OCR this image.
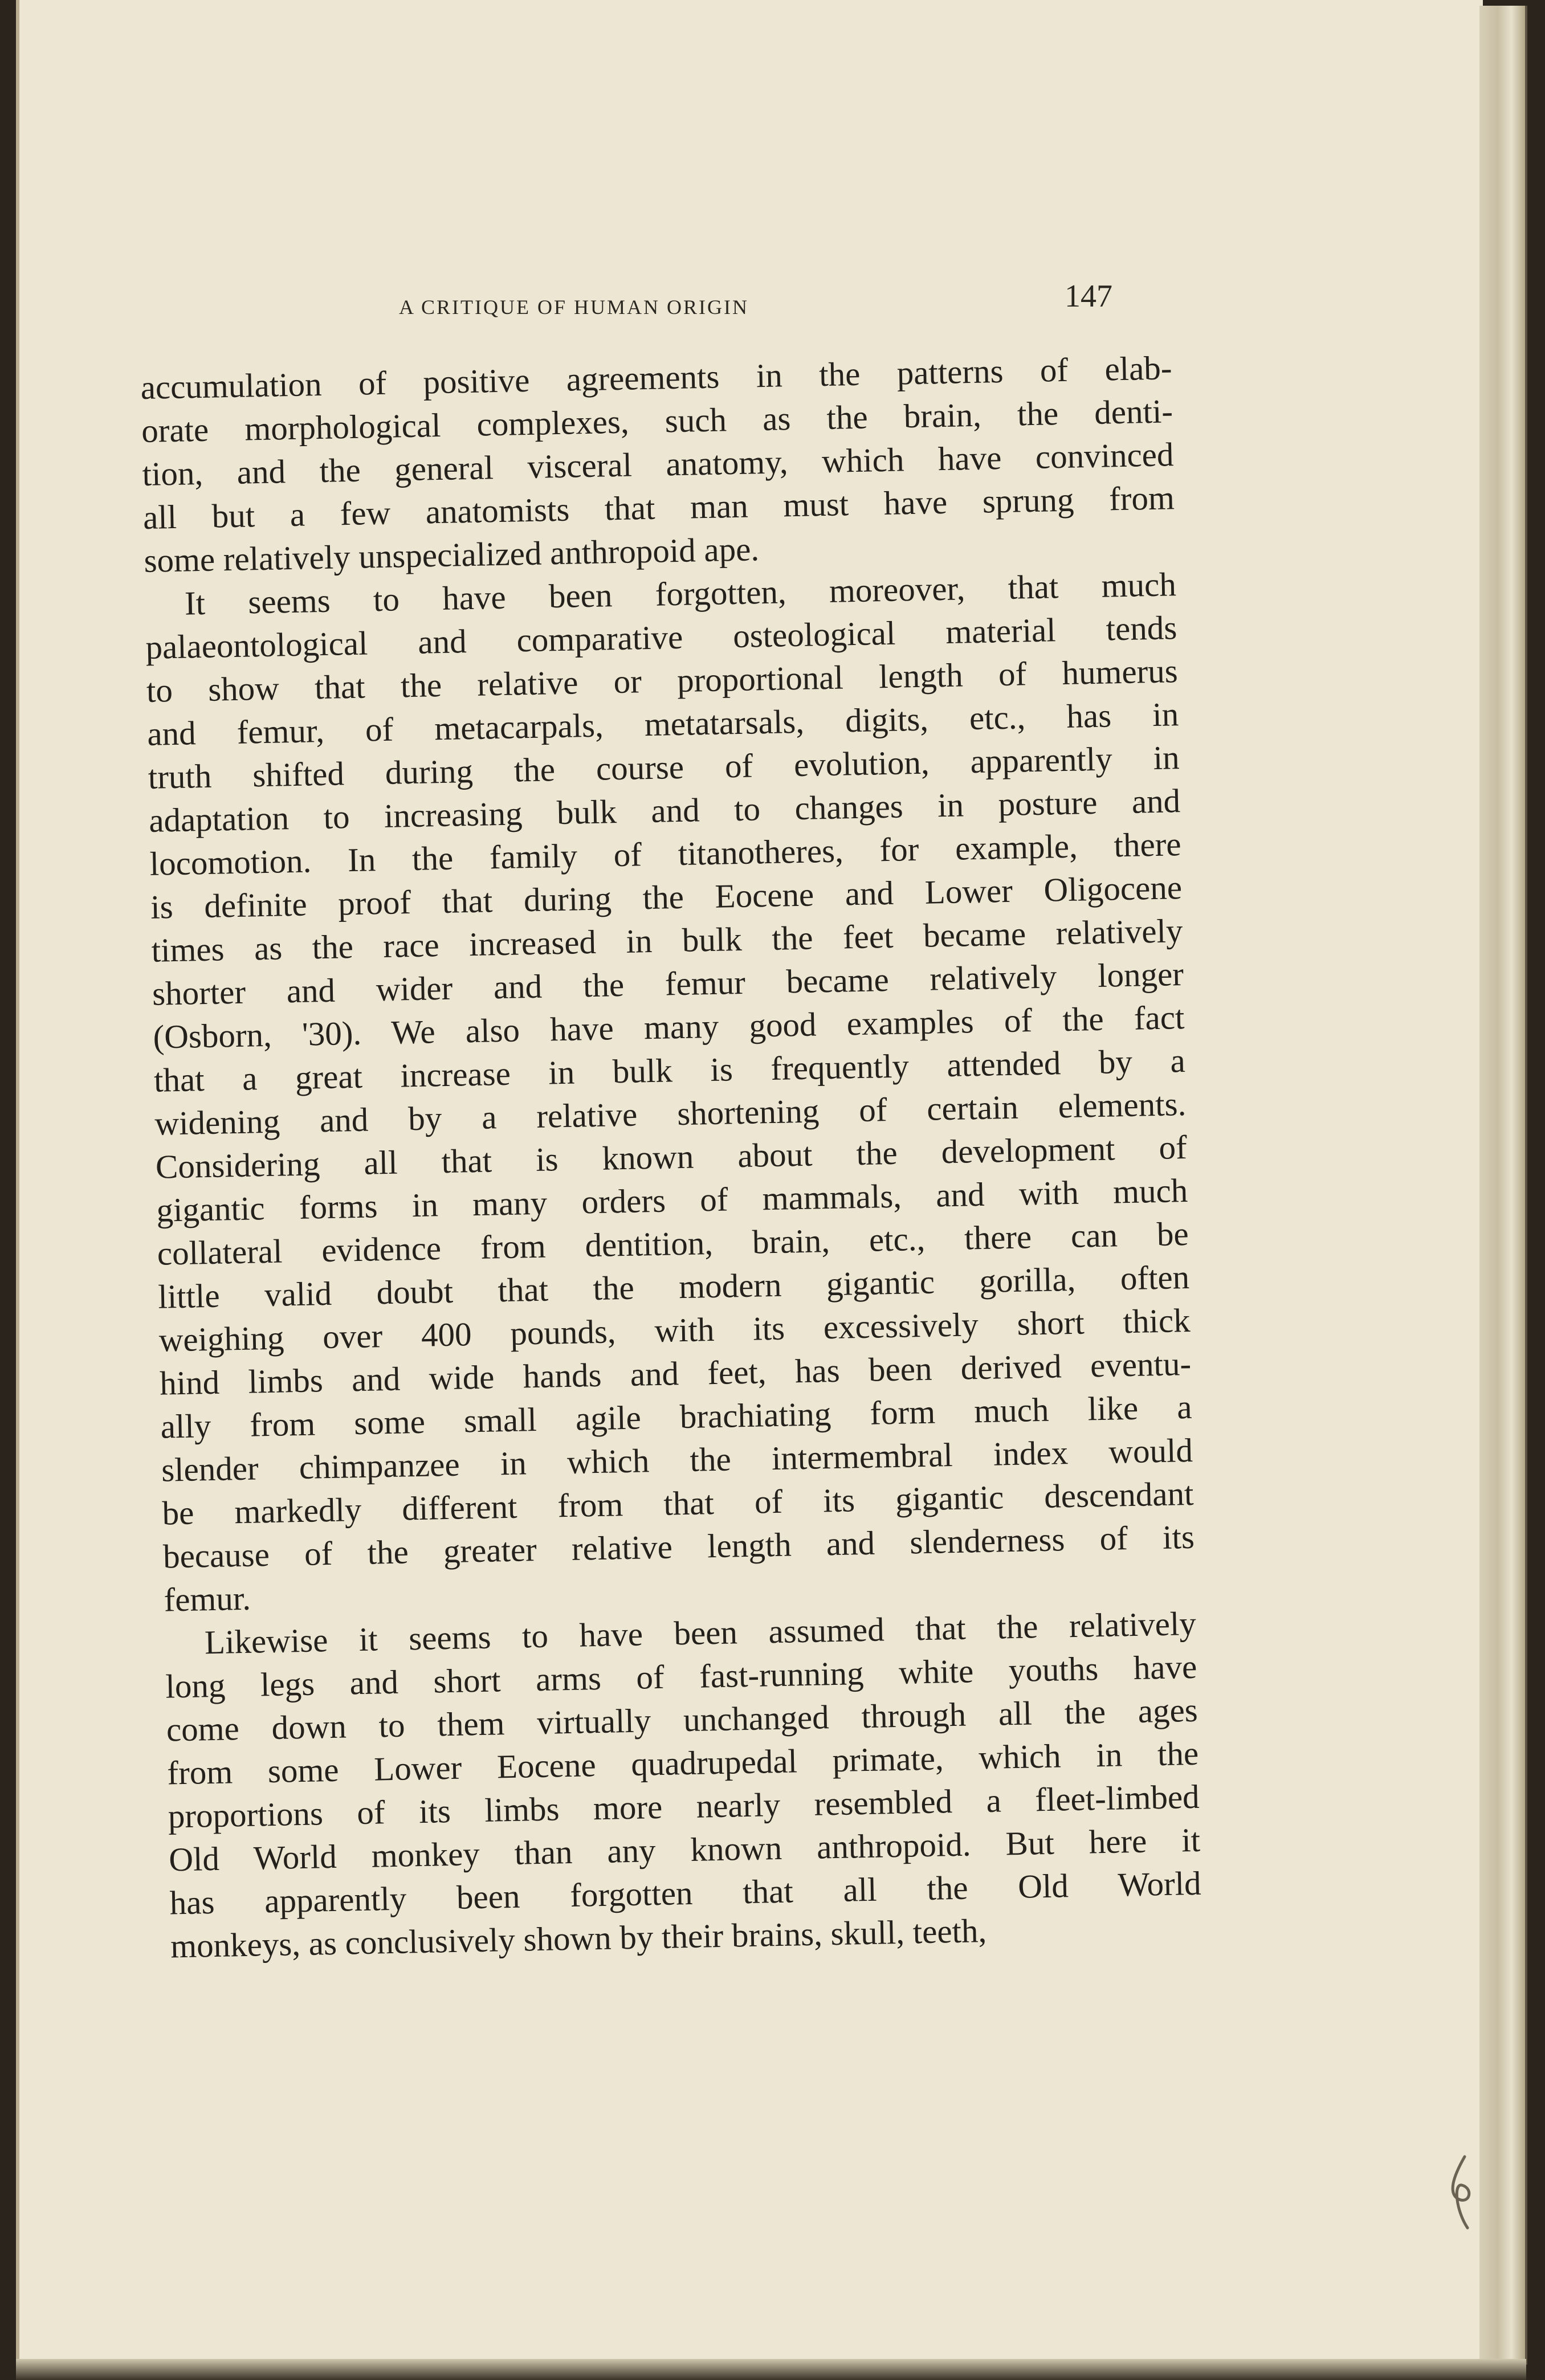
A CRITIQUE OF HUMAN ORIGIN	147
accumulation of positive agreements in the patterns of elab-
orate morphological complexes, such as the brain, the denti-
tion, and the general visceral anatomy, which have convinced
all but a few anatomists that man must have sprung from
some relatively unspecialized anthropoid ape.
It seems to have been forgotten, moreover, that much
palaeontological and comparative osteological material tends
to show that the relative or proportional length of humerus
and femur, of metacarpals, metatarsals, digits, etc., has in
truth shifted during the course of evolution, apparently in
adaptation to increasing bulk and to changes in posture and
locomotion. In the family of titanotheres, for example, there
is definite proof that during the Eocene and Lower Oligocene
times as the race increased in bulk the feet became relatively
shorter and wider and the femur became relatively longer
(Osborn, '30). We also have many good examples of the fact
that a great increase in bulk is frequently attended by a
widening and by a relative shortening of certain elements.
Considering all that is known about the development of
gigantic forms in many orders of mammals, and with much
collateral evidence from dentition, brain, etc., there can be
little valid doubt that the modern gigantic gorilla, often
weighing over 400 pounds, with its excessively short thick
hind limbs and wide hands and feet, has been derived eventu-
ally from some small agile brachiating form much like a
slender chimpanzee in which the intermembral index would
be markedly different from that of its gigantic descendant
because of the greater relative length and slenderness of its
femur.
Likewise it seems to have been assumed that the relatively
long legs and short arms of fast-running white youths have
come down to them virtually unchanged through all the ages
from some Lower Eocene quadrupedal primate, which in the
proportions of its limbs more nearly resembled a fleet-limbed
Old World monkey than any known anthropoid. But here it
has apparently been forgotten that all the Old World
monkeys, as conclusively shown by their brains, skull, teeth,
